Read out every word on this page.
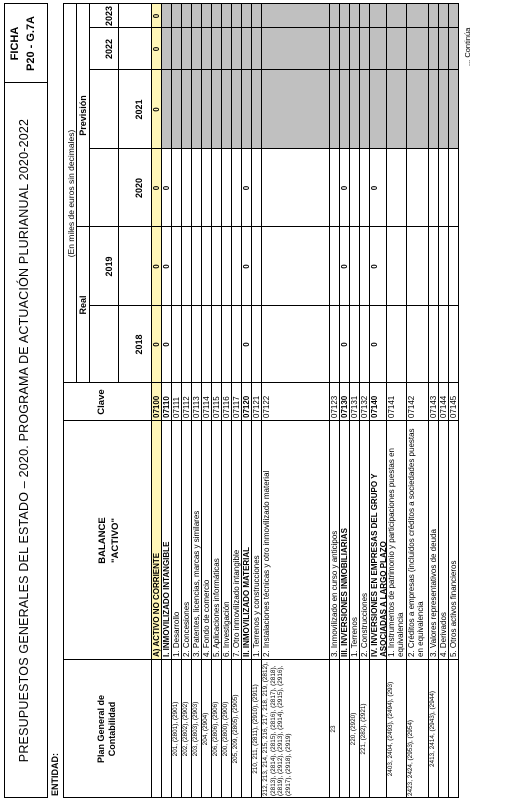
PRESUPUESTOS GENERALES DEL ESTADO – 2020. PROGRAMA DE ACTUACIÓN PLURIANUAL 2020-2022
FICHA P20 - G.7A
ENTIDAD:
(En miles de euros sin decimales)
Real
Previsión
Plan General de Contabilidad
BALANCE "ACTIVO"
Clave
2018
2019
2020
2021
2022
2023
A) ACTIVO NO CORRIENTE
07100
0
0
0
0
0
0
I. INMOVILIZADO INTANGIBLE
07110
0
0
0
201, (2801), (2901)
1. Desarrollo
07111
202, (2802), (2902)
2. Concesiones
07112
203, (2803), (2903)
3. Patentes, licencias, marcas y similares
07113
204, (2904)
4. Fondo de comercio
07114
206, (2806), (2906)
5. Aplicaciones informáticas
07115
200, (2800), (2900)
6. Investigación
07116
205, 209, (2805), (2905)
7. Otro inmovilizado intangible
07117
II. INMOVILIZADO MATERIAL
07120
0
0
0
210, 211, (2811), (2910), (2911)
1. Terrenos y construcciones
07121
212, 213, 214, 215, 216, 217, 218, 219, (2812), (2813), (2814), (2815), (2816), (2817), (2818), (2819), (2912), (2913), (2914), (2915), (2916), (2917), (2918), (2919)
2. Instalaciones técnicas y otro inmovilizado material
07122
23
3. Inmovilizado en curso y anticipos
07123
III. INVERSIONES INMOBILIARIAS
07130
0
0
0
220, (2920)
1. Terrenos
07131
221, (282), (2921)
2. Construcciones
07132
IV. INVERSIONES EN EMPRESAS DEL GRUPO Y ASOCIADAS A LARGO PLAZO
07140
0
0
0
2403, 2404, (2493), (2494), (293)
1. Instrumentos de patrimonio y participaciones puestas en equivalencia
07141
2423, 2424, (2953), (2954)
2. Créditos a empresas (incluidos créditos a sociedades puestas en equivalencia
07142
2413, 2414, (2943), (2944)
3. Valores representativos de deuda
07143
4. Derivados
07144
5. Otros activos financieros
07145
... Continúa
